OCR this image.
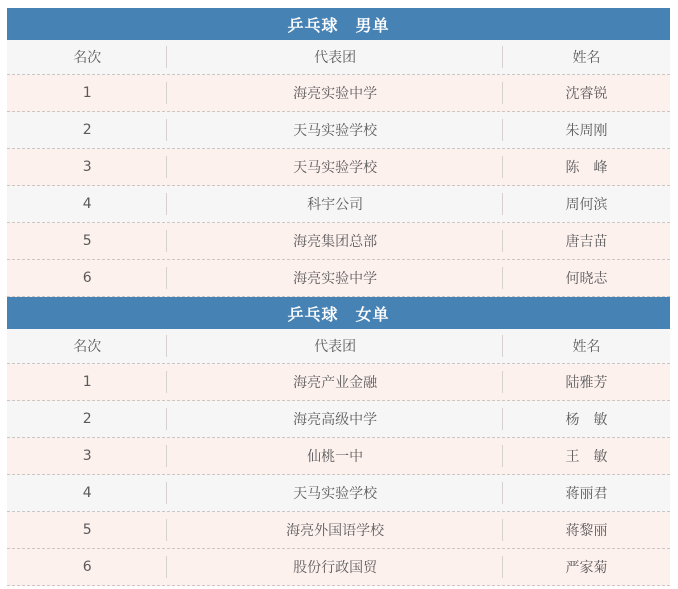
乒乓球　男单
名次	代表团	姓名
1	海亮实验中学	沈睿锐
2	天马实验学校	朱周刚
3	天马实验学校	陈　峰
4	科宇公司	周何滨
5	海亮集团总部	唐吉苗
6	海亮实验中学	何晓志
乒乓球　女单
名次	代表团	姓名
1	海亮产业金融	陆雅芳
2	海亮高级中学	杨　敏
3	仙桃一中	王　敏
4	天马实验学校	蒋丽君
5	海亮外国语学校	蒋黎丽
6	股份行政国贸	严家菊
